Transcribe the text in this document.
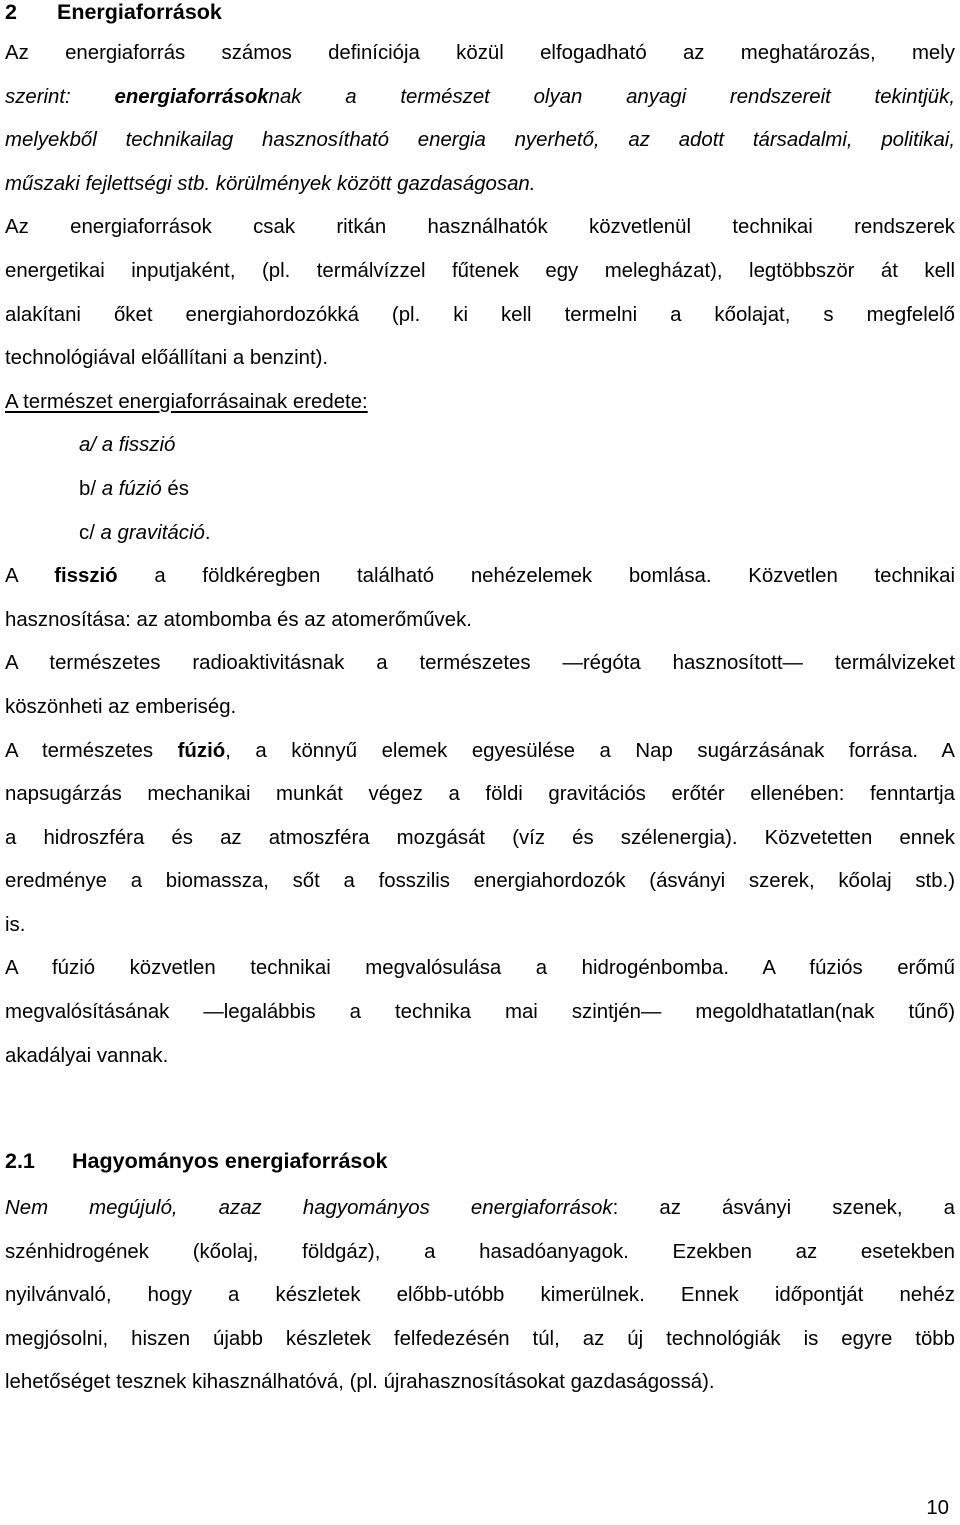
2 Energiaforrások
Az energiaforrás számos definíciója közül elfogadható az meghatározás, mely
szerint: energiaforrásoknak a természet olyan anyagi rendszereit tekintjük,
melyekből technikailag hasznosítható energia nyerhető, az adott társadalmi, politikai,
műszaki fejlettségi stb. körülmények között gazdaságosan.
Az energiaforrások csak ritkán használhatók közvetlenül technikai rendszerek
energetikai inputjaként, (pl. termálvízzel fűtenek egy melegházat), legtöbbször át kell
alakítani őket energiahordozókká (pl. ki kell termelni a kőolajat, s megfelelő
technológiával előállítani a benzint).
A természet energiaforrásainak eredete:
a/ a fisszió
b/ a fúzió és
c/ a gravitáció.
A fisszió a földkéregben található nehézelemek bomlása. Közvetlen technikai
hasznosítása: az atombomba és az atomerőművek.
A természetes radioaktivitásnak a természetes —régóta hasznosított— termálvizeket
köszönheti az emberiség.
A természetes fúzió, a könnyű elemek egyesülése a Nap sugárzásának forrása. A
napsugárzás mechanikai munkát végez a földi gravitációs erőtér ellenében: fenntartja
a hidroszféra és az atmoszféra mozgását (víz és szélenergia). Közvetetten ennek
eredménye a biomassza, sőt a fosszilis energiahordozók (ásványi szerek, kőolaj stb.)
is.
A fúzió közvetlen technikai megvalósulása a hidrogénbomba. A fúziós erőmű
megvalósításának —legalábbis a technika mai szintjén— megoldhatatlan(nak tűnő)
akadályai vannak.
2.1 Hagyományos energiaforrások
Nem megújuló, azaz hagyományos energiaforrások: az ásványi szenek, a
szénhidrogének (kőolaj, földgáz), a hasadóanyagok. Ezekben az esetekben
nyilvánvaló, hogy a készletek előbb-utóbb kimerülnek. Ennek időpontját nehéz
megjósolni, hiszen újabb készletek felfedezésén túl, az új technológiák is egyre több
lehetőséget tesznek kihasználhatóvá, (pl. újrahasznosításokat gazdaságossá).
10
